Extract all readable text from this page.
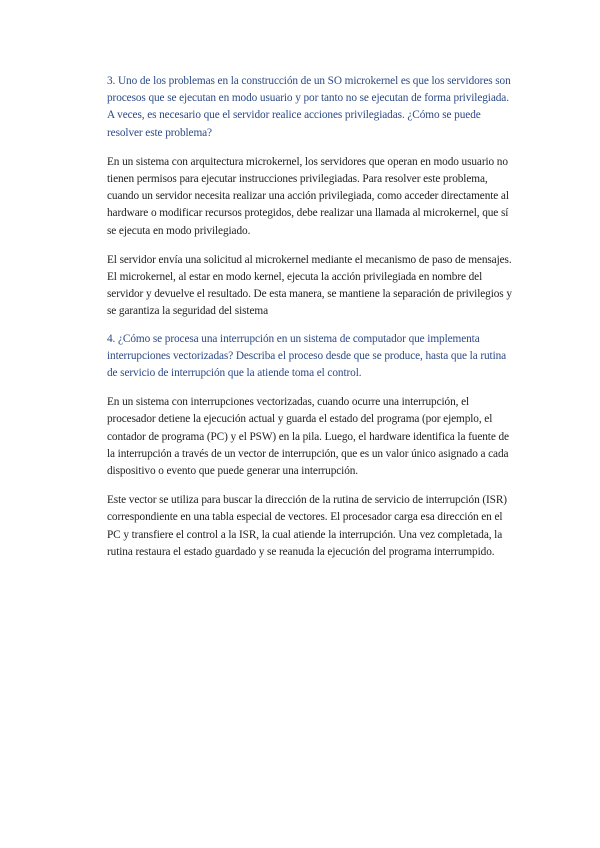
3. Uno de los problemas en la construcción de un SO microkernel es que los servidores son procesos que se ejecutan en modo usuario y por tanto no se ejecutan de forma privilegiada. A veces, es necesario que el servidor realice acciones privilegiadas. ¿Cómo se puede resolver este problema?

En un sistema con arquitectura microkernel, los servidores que operan en modo usuario no tienen permisos para ejecutar instrucciones privilegiadas. Para resolver este problema, cuando un servidor necesita realizar una acción privilegiada, como acceder directamente al hardware o modificar recursos protegidos, debe realizar una llamada al microkernel, que sí se ejecuta en modo privilegiado.

El servidor envía una solicitud al microkernel mediante el mecanismo de paso de mensajes. El microkernel, al estar en modo kernel, ejecuta la acción privilegiada en nombre del servidor y devuelve el resultado. De esta manera, se mantiene la separación de privilegios y se garantiza la seguridad del sistema

4. ¿Cómo se procesa una interrupción en un sistema de computador que implementa interrupciones vectorizadas? Describa el proceso desde que se produce, hasta que la rutina de servicio de interrupción que la atiende toma el control.

En un sistema con interrupciones vectorizadas, cuando ocurre una interrupción, el procesador detiene la ejecución actual y guarda el estado del programa (por ejemplo, el contador de programa (PC) y el PSW) en la pila. Luego, el hardware identifica la fuente de la interrupción a través de un vector de interrupción, que es un valor único asignado a cada dispositivo o evento que puede generar una interrupción.

Este vector se utiliza para buscar la dirección de la rutina de servicio de interrupción (ISR) correspondiente en una tabla especial de vectores. El procesador carga esa dirección en el PC y transfiere el control a la ISR, la cual atiende la interrupción. Una vez completada, la rutina restaura el estado guardado y se reanuda la ejecución del programa interrumpido.
